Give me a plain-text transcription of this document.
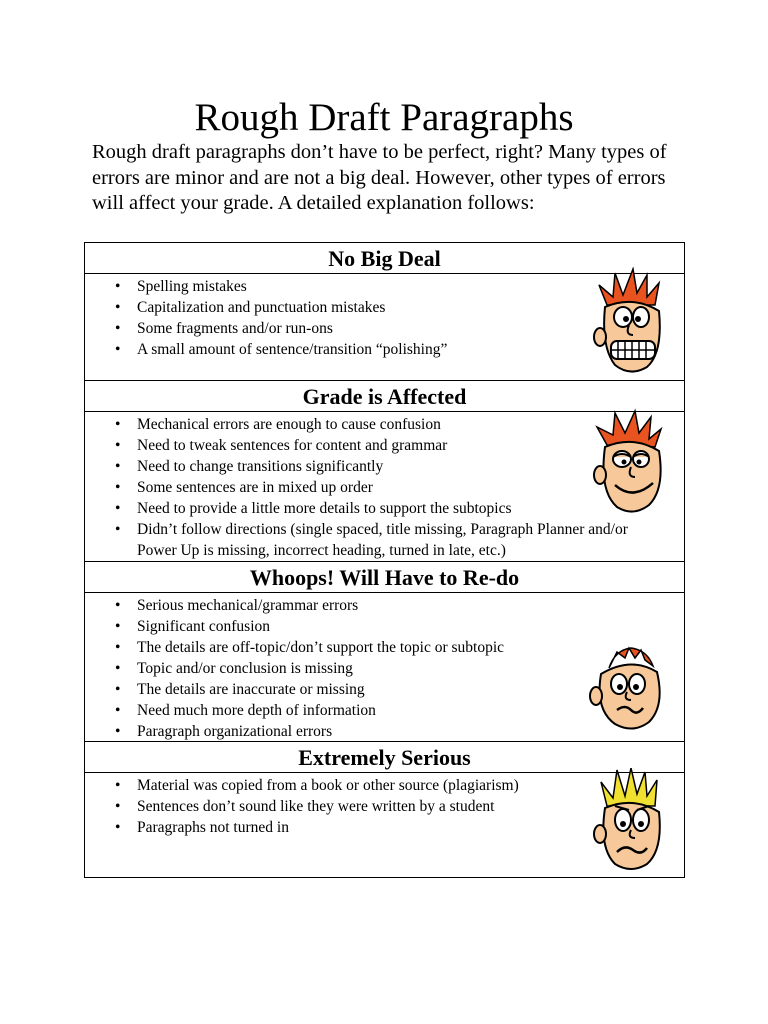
Rough Draft Paragraphs
Rough draft paragraphs don’t have to be perfect, right? Many types of errors are minor and are not a big deal. However, other types of errors will affect your grade. A detailed explanation follows:
No Big Deal
• Spelling mistakes
• Capitalization and punctuation mistakes
• Some fragments and/or run-ons
• A small amount of sentence/transition “polishing”
Grade is Affected
• Mechanical errors are enough to cause confusion
• Need to tweak sentences for content and grammar
• Need to change transitions significantly
• Some sentences are in mixed up order
• Need to provide a little more details to support the subtopics
• Didn’t follow directions (single spaced, title missing, Paragraph Planner and/or Power Up is missing, incorrect heading, turned in late, etc.)
Whoops! Will Have to Re-do
• Serious mechanical/grammar errors
• Significant confusion
• The details are off-topic/don’t support the topic or subtopic
• Topic and/or conclusion is missing
• The details are inaccurate or missing
• Need much more depth of information
• Paragraph organizational errors
Extremely Serious
• Material was copied from a book or other source (plagiarism)
• Sentences don’t sound like they were written by a student
• Paragraphs not turned in
